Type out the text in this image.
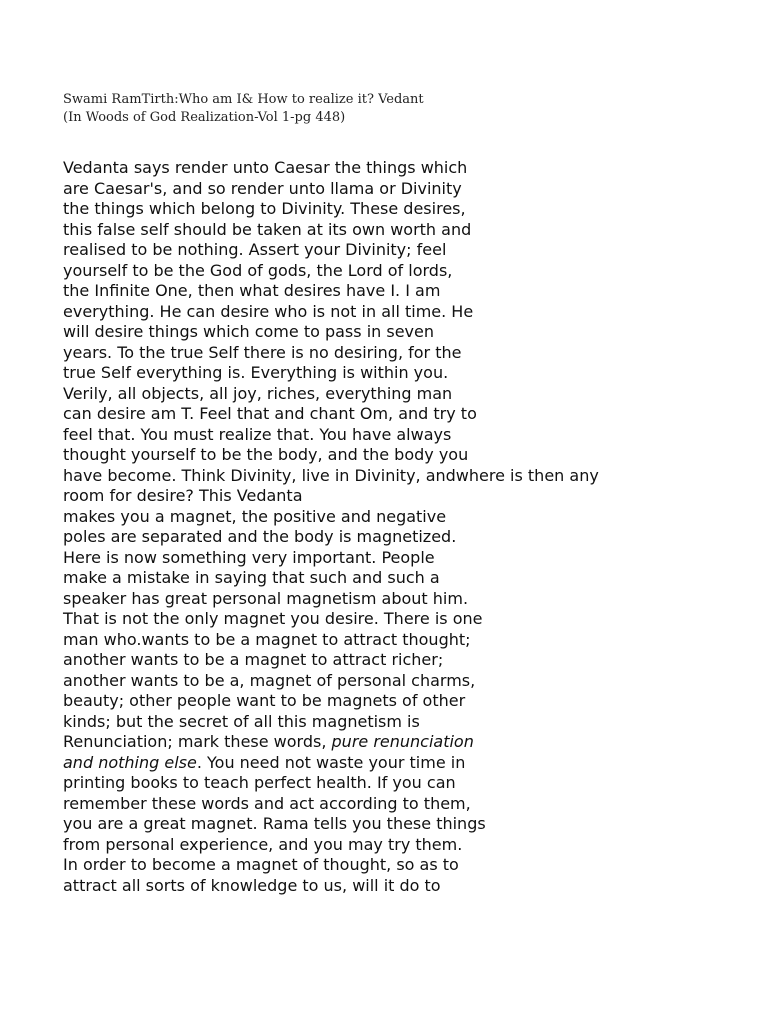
Swami RamTirth:Who am I& How to realize it? Vedant
(In Woods of God Realization-Vol 1-pg 448)
Vedanta says render unto Caesar the things which
are Caesar's, and so render unto llama or Divinity
the things which belong to Divinity. These desires,
this false self should be taken at its own worth and
realised to be nothing. Assert your Divinity; feel
yourself to be the God of gods, the Lord of lords,
the Infinite One, then what desires have I. I am
everything. He can desire who is not in all time. He
will desire things which come to pass in seven
years. To the true Self there is no desiring, for the
true Self everything is. Everything is within you.
Verily, all objects, all joy, riches, everything man
can desire am T. Feel that and chant Om, and try to
feel that. You must realize that. You have always
thought yourself to be the body, and the body you
have become. Think Divinity, live in Divinity, andwhere is then any
room for desire? This Vedanta
makes you a magnet, the positive and negative
poles are separated and the body is magnetized.
Here is now something very important. People
make a mistake in saying that such and such a
speaker has great personal magnetism about him.
That is not the only magnet you desire. There is one
man who.wants to be a magnet to attract thought;
another wants to be a magnet to attract richer;
another wants to be a, magnet of personal charms,
beauty; other people want to be magnets of other
kinds; but the secret of all this magnetism is
Renunciation; mark these words, pure renunciation
and nothing else. You need not waste your time in
printing books to teach perfect health. If you can
remember these words and act according to them,
you are a great magnet. Rama tells you these things
from personal experience, and you may try them.
In order to become a magnet of thought, so as to
attract all sorts of knowledge to us, will it do to
